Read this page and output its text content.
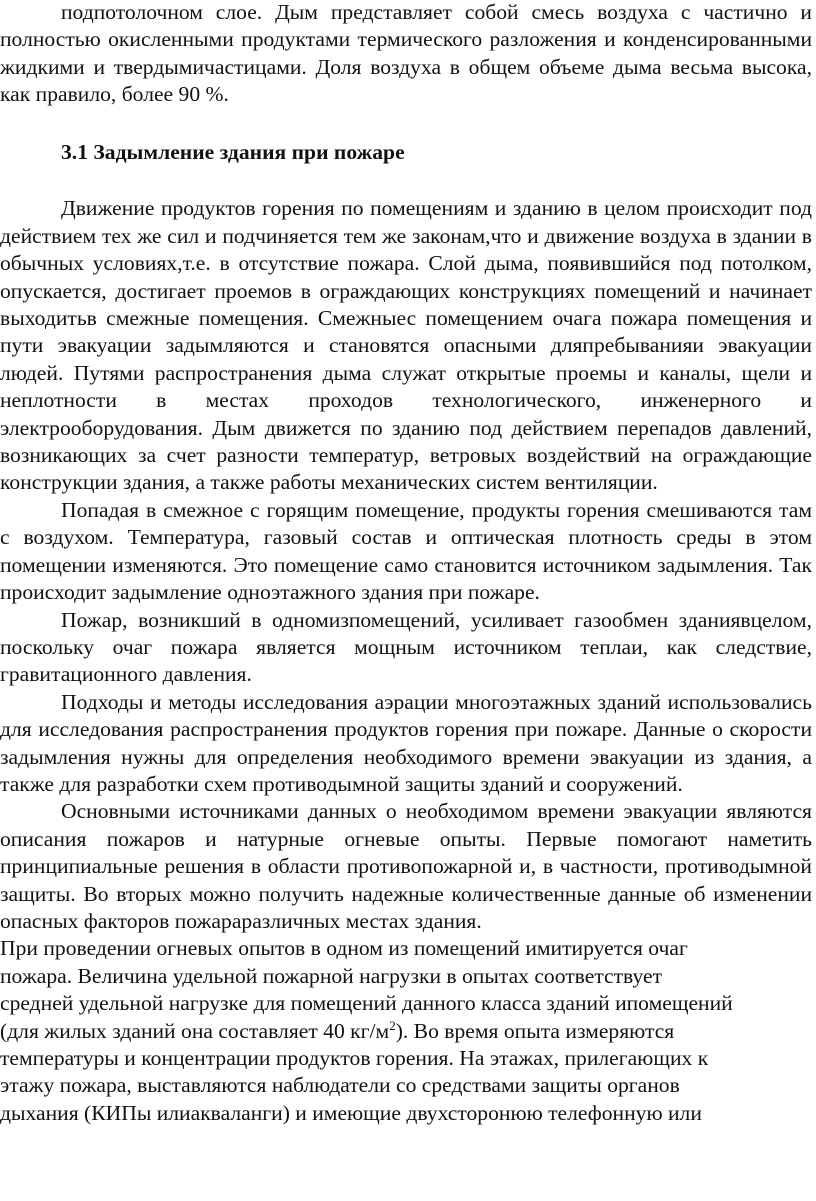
подпотолочном слое. Дым представляет собой смесь воздуха с частично и полностью окисленными продуктами термического разложения и конденсированными жидкими и твердымичастицами. Доля воздуха в общем объеме дыма весьма высока, как правило, более 90 %.

3.1 Задымление здания при пожаре

Движение продуктов горения по помещениям и зданию в целом происходит под действием тех же сил и подчиняется тем же законам,что и движение воздуха в здании в обычных условиях,т.е. в отсутствие пожара. Слой дыма, появившийся под потолком, опускается, достигает проемов в ограждающих конструкциях помещений и начинает выходитьв смежные помещения. Смежныес помещением очага пожара помещения и пути эвакуации задымляются и становятся опасными дляпребыванияи эвакуации людей. Путями распространения дыма служат открытые проемы и каналы, щели и неплотности в местах проходов технологического, инженерного и электрооборудования. Дым движется по зданию под действием перепадов давлений, возникающих за счет разности температур, ветровых воздействий на ограждающие конструкции здания, а также работы механических систем вентиляции.

Попадая в смежное с горящим помещение, продукты горения смешиваются там с воздухом. Температура, газовый состав и оптическая плотность среды в этом помещении изменяются. Это помещение само становится источником задымления. Так происходит задымление одноэтажного здания при пожаре.

Пожар, возникший в одномизпомещений, усиливает газообмен зданиявцелом, поскольку очаг пожара является мощным источником теплаи, как следствие, гравитационного давления.

Подходы и методы исследования аэрации многоэтажных зданий использовались для исследования распространения продуктов горения при пожаре. Данные о скорости задымления нужны для определения необходимого времени эвакуации из здания, а также для разработки схем противодымной защиты зданий и сооружений.

Основными источниками данных о необходимом времени эвакуации являются описания пожаров и натурные огневые опыты. Первые помогают наметить принципиальные решения в области противопожарной и, в частности, противодымной защиты. Во вторых можно получить надежные количественные данные об изменении опасных факторов пожараразличных местах здания.

При проведении огневых опытов в одном из помещений имитируется очаг

пожара. Величина удельной пожарной нагрузки в опытах соответствует

средней удельной нагрузке для помещений данного класса зданий ипомещений

(для жилых зданий она составляет 40 $кг/м^2$). Во время опыта измеряются

температуры и концентрации продуктов горения. На этажах, прилегающих к

этажу пожара, выставляются наблюдатели со средствами защиты органов

дыхания (КИПы илиакваланги) и имеющие двухсторонюю телефонную или
